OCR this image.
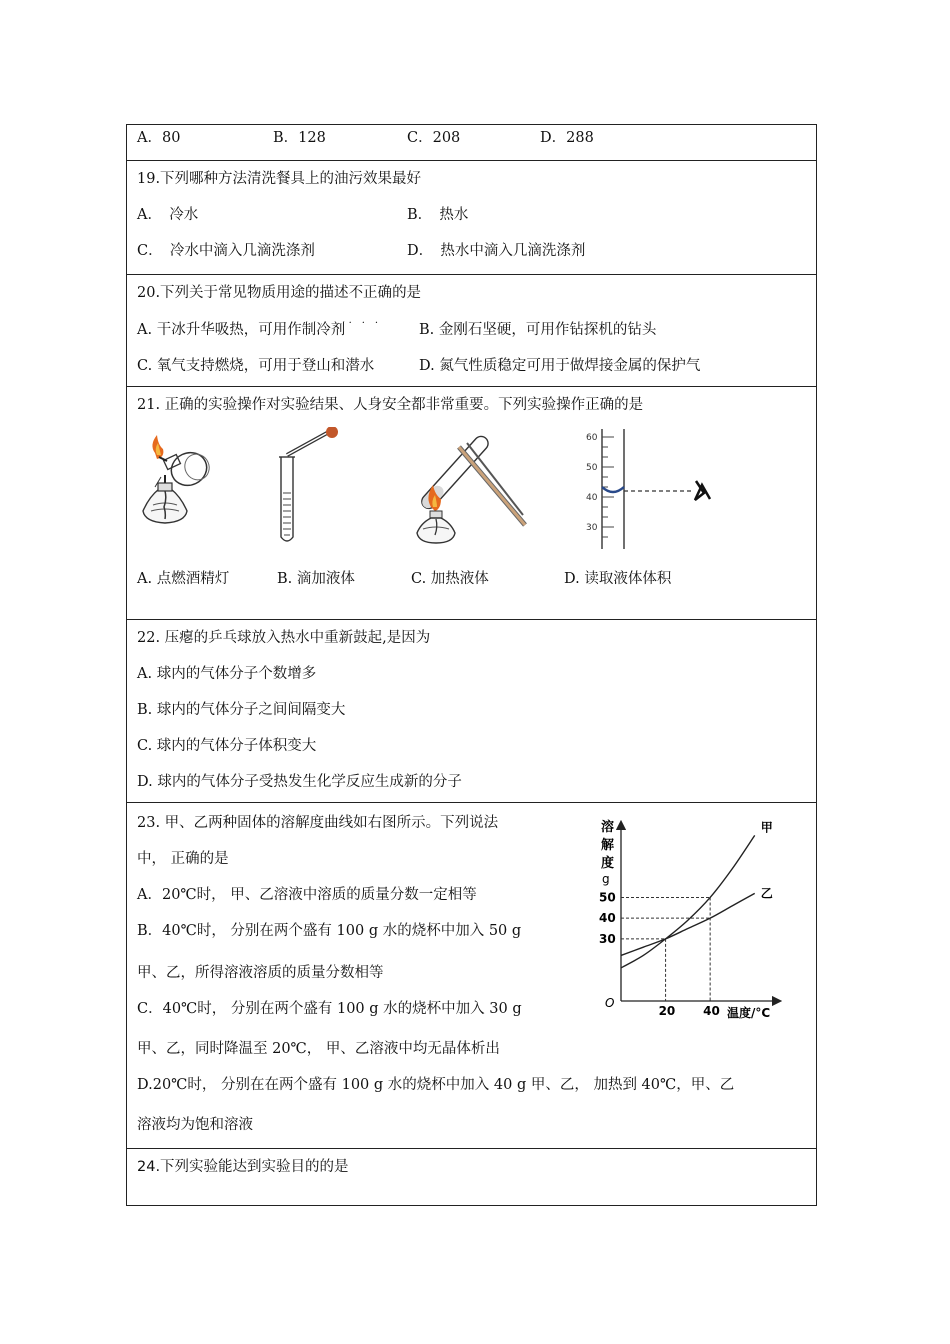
A．80	B．128	C．208	D．288
19.下列哪种方法清洗餐具上的油污效果最好
A．　冷水	B．　热水
C．　冷水中滴入几滴洗涤剂	D．　热水中滴入几滴洗涤剂
20.下列关于常见物质用途的描述不正确
···
的是
A. 干冰升华吸热，可用作制冷剂	B. 金刚石坚硬，可用作钻探机的钻头
C. 氧气支持燃烧，可用于登山和潜水	D. 氮气性质稳定可用于做焊接金属的保护气
21. 正确的实验操作对实验结果、人身安全都非常重要。下列实验操作正确的是
60
50
40
30
A. 点燃酒精灯	B. 滴加液体	C. 加热液体	D. 读取液体体积
22. 压瘪的乒乓球放入热水中重新鼓起,是因为
A. 球内的气体分子个数增多
B. 球内的气体分子之间间隔变大
C. 球内的气体分子体积变大
D. 球内的气体分子受热发生化学反应生成新的分子
23. 甲、乙两种固体的溶解度曲线如右图所示。下列说法
中， 正确的是
A．20℃时， 甲、乙溶液中溶质的质量分数一定相等
B．40℃时， 分别在两个盛有 100 g 水的烧杯中加入 50 g
甲、乙，所得溶液溶质的质量分数相等
C．40℃时， 分别在两个盛有 100 g 水的烧杯中加入 30 g
甲、乙，同时降温至 20℃， 甲、乙溶液中均无晶体析出
D.20℃时， 分别在在两个盛有 100 g 水的烧杯中加入 40 g 甲、乙， 加热到 40℃，甲、乙
溶液均为饱和溶液
溶
解
度
g
O
温度/°C
20 40
30
40
50
甲
乙
24.下列实验能达到实验目的的是
